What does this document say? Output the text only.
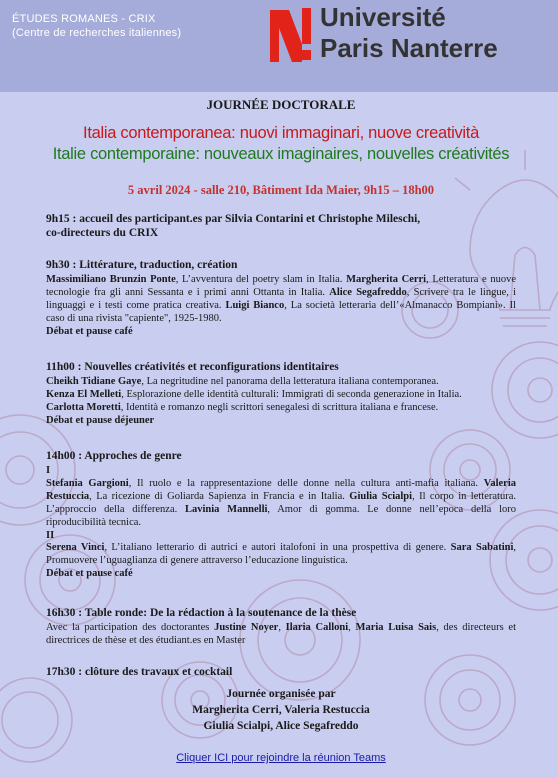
ÉTUDES ROMANES - CRIX
(Centre de recherches italiennes)
Université
Paris Nanterre
JOURNÉE DOCTORALE
Italia contemporanea: nuovi immaginari, nuove creatività
Italie contemporaine: nouveaux imaginaires, nouvelles créativités
5 avril 2024 - salle 210, Bâtiment Ida Maier, 9h15 – 18h00
9h15 : accueil des participant.es par Silvia Contarini et Christophe Mileschi,
co-directeurs du CRIX
9h30 : Littérature, traduction, création

Massimiliano Brunzin Ponte, L’avventura del poetry slam in Italia. Margherita Cerri, Letteratura e nuove tecnologie fra gli anni Sessanta e i primi anni Ottanta in Italia. Alice Segafreddo, Scrivere tra le lingue, i linguaggi e i testi come pratica creativa. Luigi Bianco, La società letteraria dell’«Almanacco Bompiani». Il caso di una rivista "capiente", 1925-1980.

Débat et pause café
11h00 : Nouvelles créativités et reconfigurations identitaires

Cheikh Tidiane Gaye, La negritudine nel panorama della letteratura italiana contemporanea.

Kenza El Melleti, Esplorazione delle identità culturali: Immigrati di seconda generazione in Italia.

Carlotta Moretti, Identità e romanzo negli scrittori senegalesi di scrittura italiana e francese.

Débat et pause déjeuner
14h00 : Approches de genre
I

Stefania Gargioni, Il ruolo e la rappresentazione delle donne nella cultura anti-mafia italiana. Valeria Restuccia, La ricezione di Goliarda Sapienza in Francia e in Italia. Giulia Scialpi, Il corpo in letteratura. L’approccio della differenza. Lavinia Mannelli, Amor di gomma. Le donne nell’epoca della loro riproducibilità tecnica.

II

Serena Vinci, L’italiano letterario di autrici e autori italofoni in una prospettiva di genere. Sara Sabatini, Promuovere l’uguaglianza di genere attraverso l’educazione linguistica.

Débat et pause café
16h30 : Table ronde: De la rédaction à la soutenance de la thèse

Avec la participation des doctorantes Justine Noyer, Ilaria Calloni, Maria Luisa Sais, des directeurs et directrices de thèse et des étudiant.es en Master

17h30 : clôture des travaux et cocktail
Journée organisée par
Margherita Cerri, Valeria Restuccia
Giulia Scialpi, Alice Segafreddo
Cliquer ICI pour rejoindre la réunion Teams
